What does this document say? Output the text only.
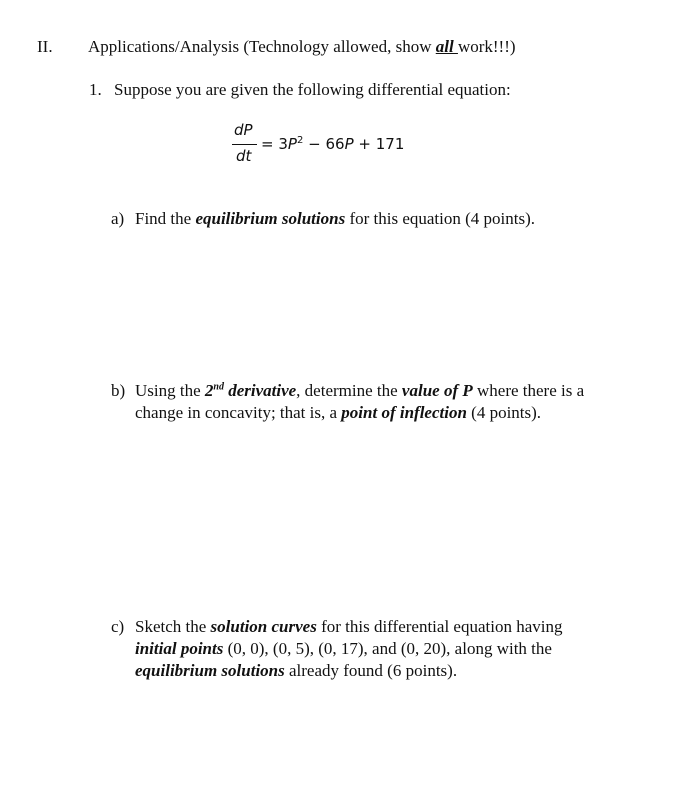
II. Applications/Analysis (Technology allowed, show all work!!!)
1. Suppose you are given the following differential equation:
dP
dt
= $3P^2 - 66P + 171$
a) Find the equilibrium solutions for this equation (4 points).
b) Using the 2nd derivative, determine the value of P where there is a
change in concavity; that is, a point of inflection (4 points).
c) Sketch the solution curves for this differential equation having
initial points (0, 0), (0, 5), (0, 17), and (0, 20), along with the
equilibrium solutions already found (6 points).
